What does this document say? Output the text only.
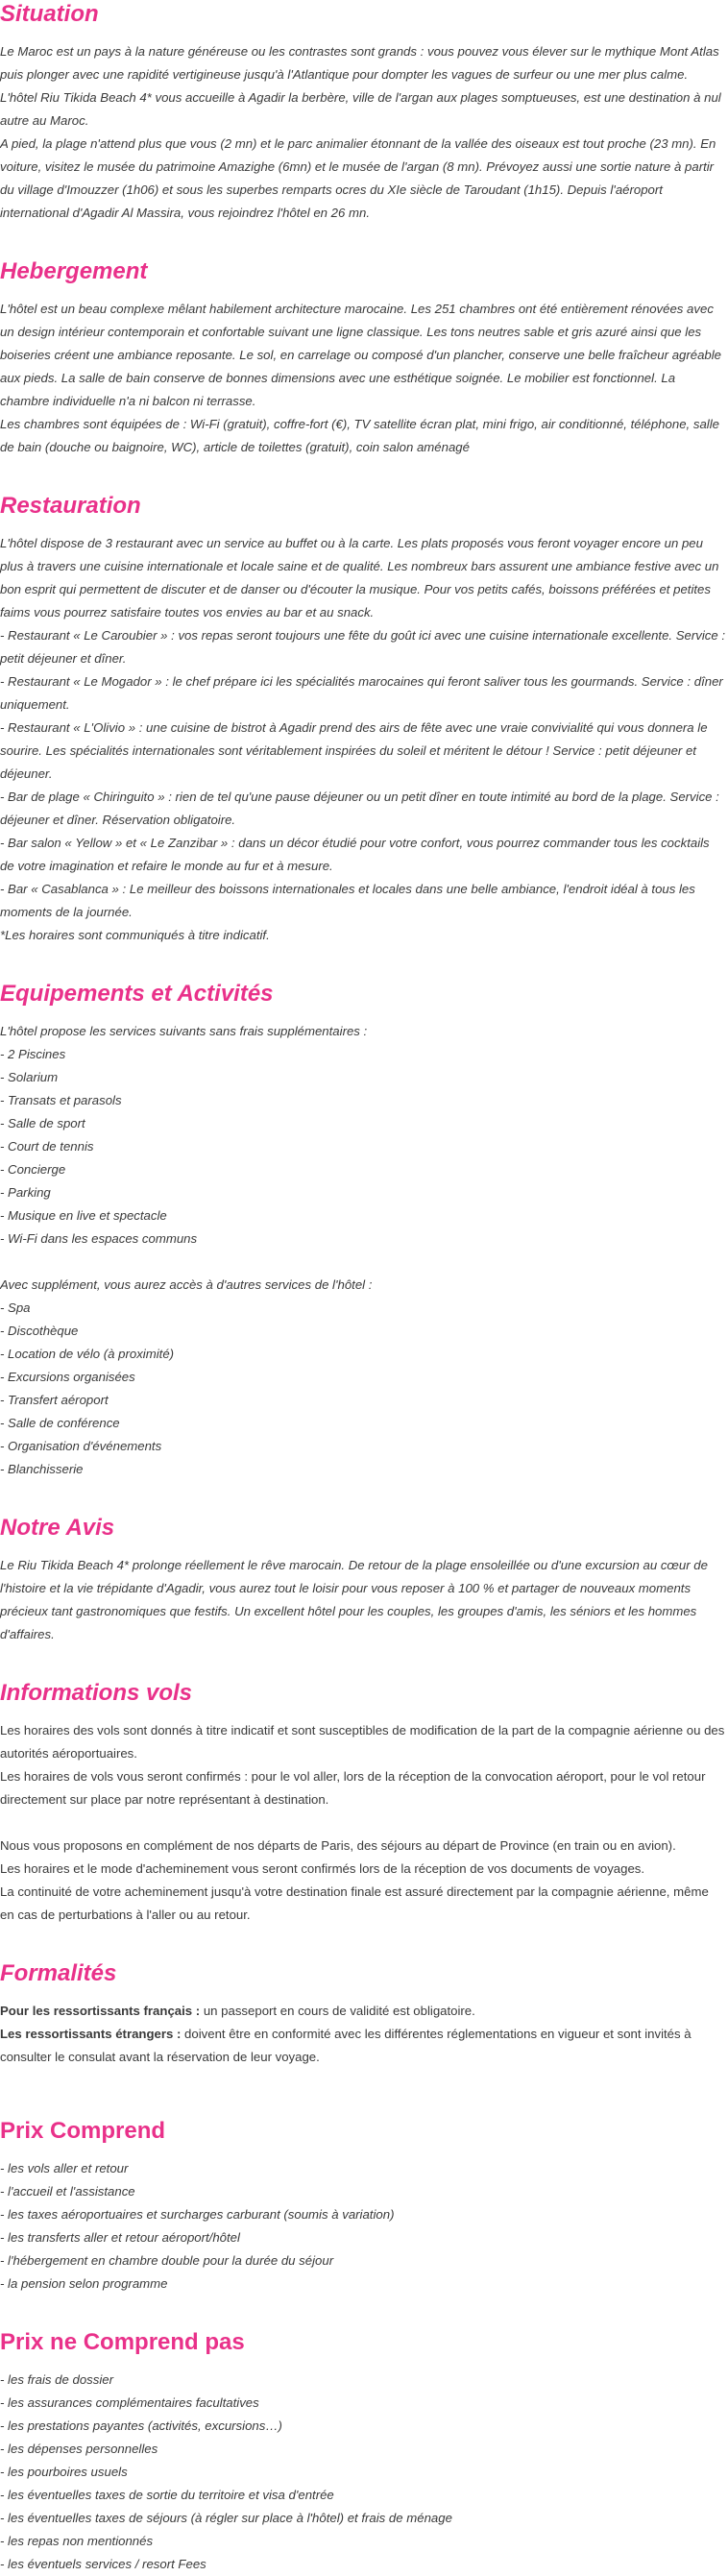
Situation

Le Maroc est un pays à la nature généreuse ou les contrastes sont grands : vous pouvez vous élever sur le mythique Mont Atlas puis plonger avec une rapidité vertigineuse jusqu'à l'Atlantique pour dompter les vagues de surfeur ou une mer plus calme. L'hôtel Riu Tikida Beach 4* vous accueille à Agadir la berbère, ville de l'argan aux plages somptueuses, est une destination à nul autre au Maroc.
A pied, la plage n'attend plus que vous (2 mn) et le parc animalier étonnant de la vallée des oiseaux est tout proche (23 mn). En voiture, visitez le musée du patrimoine Amazighe (6mn) et le musée de l'argan (8 mn). Prévoyez aussi une sortie nature à partir du village d'Imouzzer (1h06) et sous les superbes remparts ocres du XIe siècle de Taroudant (1h15). Depuis l'aéroport international d'Agadir Al Massira, vous rejoindrez l'hôtel en 26 mn.

Hebergement

L'hôtel est un beau complexe mêlant habilement architecture marocaine. Les 251 chambres ont été entièrement rénovées avec un design intérieur contemporain et confortable suivant une ligne classique. Les tons neutres sable et gris azuré ainsi que les boiseries créent une ambiance reposante. Le sol, en carrelage ou composé d'un plancher, conserve une belle fraîcheur agréable aux pieds. La salle de bain conserve de bonnes dimensions avec une esthétique soignée. Le mobilier est fonctionnel. La chambre individuelle n'a ni balcon ni terrasse.
Les chambres sont équipées de : Wi-Fi (gratuit), coffre-fort (€), TV satellite écran plat, mini frigo, air conditionné, téléphone, salle de bain (douche ou baignoire, WC), article de toilettes (gratuit), coin salon aménagé

Restauration

L'hôtel dispose de 3 restaurant avec un service au buffet ou à la carte. Les plats proposés vous feront voyager encore un peu plus à travers une cuisine internationale et locale saine et de qualité. Les nombreux bars assurent une ambiance festive avec un bon esprit qui permettent de discuter et de danser ou d'écouter la musique. Pour vos petits cafés, boissons préférées et petites faims vous pourrez satisfaire toutes vos envies au bar et au snack.
- Restaurant « Le Caroubier » : vos repas seront toujours une fête du goût ici avec une cuisine internationale excellente. Service : petit déjeuner et dîner.
- Restaurant « Le Mogador » : le chef prépare ici les spécialités marocaines qui feront saliver tous les gourmands. Service : dîner uniquement.
- Restaurant « L'Olivio » : une cuisine de bistrot à Agadir prend des airs de fête avec une vraie convivialité qui vous donnera le sourire. Les spécialités internationales sont véritablement inspirées du soleil et méritent le détour ! Service : petit déjeuner et déjeuner.
- Bar de plage « Chiringuito » : rien de tel qu'une pause déjeuner ou un petit dîner en toute intimité au bord de la plage. Service : déjeuner et dîner. Réservation obligatoire.
- Bar salon « Yellow » et « Le Zanzibar » : dans un décor étudié pour votre confort, vous pourrez commander tous les cocktails de votre imagination et refaire le monde au fur et à mesure.
- Bar « Casablanca » : Le meilleur des boissons internationales et locales dans une belle ambiance, l'endroit idéal à tous les moments de la journée.
*Les horaires sont communiqués à titre indicatif.

Equipements et Activités

L'hôtel propose les services suivants sans frais supplémentaires :
- 2 Piscines
- Solarium
- Transats et parasols
- Salle de sport
- Court de tennis
- Concierge
- Parking
- Musique en live et spectacle
- Wi-Fi dans les espaces communs

Avec supplément, vous aurez accès à d'autres services de l'hôtel :
- Spa
- Discothèque
- Location de vélo (à proximité)
- Excursions organisées
- Transfert aéroport
- Salle de conférence
- Organisation d'événements
- Blanchisserie

Notre Avis

Le Riu Tikida Beach 4* prolonge réellement le rêve marocain. De retour de la plage ensoleillée ou d'une excursion au cœur de l'histoire et la vie trépidante d'Agadir, vous aurez tout le loisir pour vous reposer à 100 % et partager de nouveaux moments précieux tant gastronomiques que festifs. Un excellent hôtel pour les couples, les groupes d'amis, les séniors et les hommes d'affaires.

Informations vols

Les horaires des vols sont donnés à titre indicatif et sont susceptibles de modification de la part de la compagnie aérienne ou des autorités aéroportuaires.
Les horaires de vols vous seront confirmés : pour le vol aller, lors de la réception de la convocation aéroport, pour le vol retour directement sur place par notre représentant à destination.

Nous vous proposons en complément de nos départs de Paris, des séjours au départ de Province (en train ou en avion).
Les horaires et le mode d'acheminement vous seront confirmés lors de la réception de vos documents de voyages.
La continuité de votre acheminement jusqu'à votre destination finale est assuré directement par la compagnie aérienne, même en cas de perturbations à l'aller ou au retour.

Formalités

Pour les ressortissants français : un passeport en cours de validité est obligatoire.
Les ressortissants étrangers : doivent être en conformité avec les différentes réglementations en vigueur et sont invités à consulter le consulat avant la réservation de leur voyage.

Prix Comprend

- les vols aller et retour
- l'accueil et l'assistance
- les taxes aéroportuaires et surcharges carburant (soumis à variation)
- les transferts aller et retour aéroport/hôtel
- l'hébergement en chambre double pour la durée du séjour
- la pension selon programme

Prix ne Comprend pas

- les frais de dossier
- les assurances complémentaires facultatives
- les prestations payantes (activités, excursions…)
- les dépenses personnelles
- les pourboires usuels
- les éventuelles taxes de sortie du territoire et visa d'entrée
- les éventuelles taxes de séjours (à régler sur place à l'hôtel) et frais de ménage
- les repas non mentionnés
- les éventuels services / resort Fees
